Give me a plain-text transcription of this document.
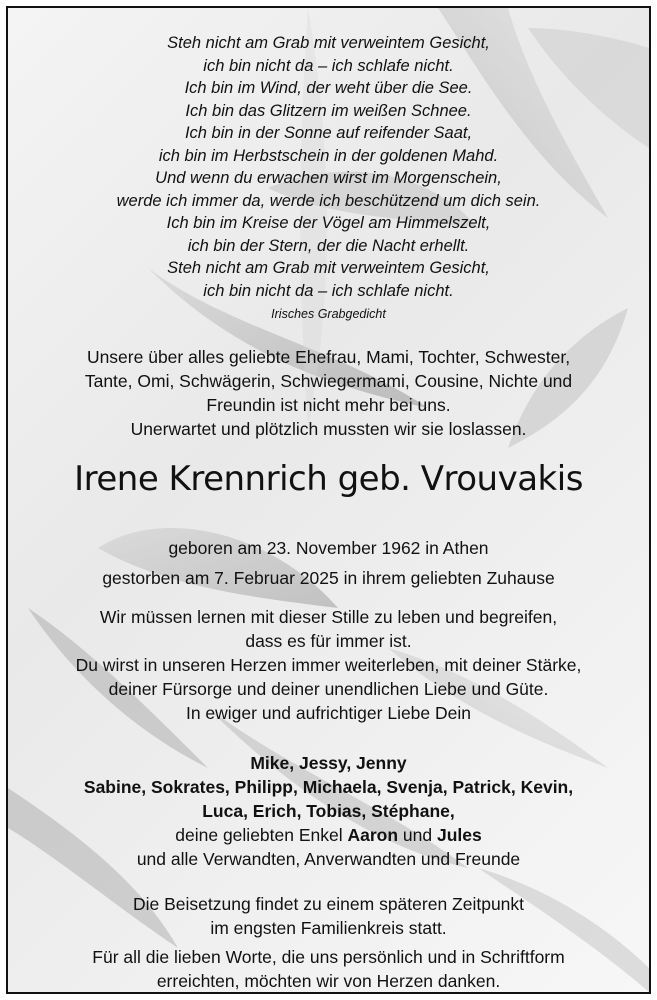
Steh nicht am Grab mit verweintem Gesicht,
ich bin nicht da – ich schlafe nicht.
Ich bin im Wind, der weht über die See.
Ich bin das Glitzern im weißen Schnee.
Ich bin in der Sonne auf reifender Saat,
ich bin im Herbstschein in der goldenen Mahd.
Und wenn du erwachen wirst im Morgenschein,
werde ich immer da, werde ich beschützend um dich sein.
Ich bin im Kreise der Vögel am Himmelszelt,
ich bin der Stern, der die Nacht erhellt.
Steh nicht am Grab mit verweintem Gesicht,
ich bin nicht da – ich schlafe nicht.
Irisches Grabgedicht
Unsere über alles geliebte Ehefrau, Mami, Tochter, Schwester,
Tante, Omi, Schwägerin, Schwiegermami, Cousine, Nichte und
Freundin ist nicht mehr bei uns.
Unerwartet und plötzlich mussten wir sie loslassen.
Irene Krennrich geb. Vrouvakis
geboren am 23. November 1962 in Athen
gestorben am 7. Februar 2025 in ihrem geliebten Zuhause
Wir müssen lernen mit dieser Stille zu leben und begreifen,
dass es für immer ist.
Du wirst in unseren Herzen immer weiterleben, mit deiner Stärke,
deiner Fürsorge und deiner unendlichen Liebe und Güte.
In ewiger und aufrichtiger Liebe Dein
Mike, Jessy, Jenny
Sabine, Sokrates, Philipp, Michaela, Svenja, Patrick, Kevin,
Luca, Erich, Tobias, Stéphane,
deine geliebten Enkel Aaron und Jules
und alle Verwandten, Anverwandten und Freunde
Die Beisetzung findet zu einem späteren Zeitpunkt
im engsten Familienkreis statt.
Für all die lieben Worte, die uns persönlich und in Schriftform
erreichten, möchten wir von Herzen danken.
